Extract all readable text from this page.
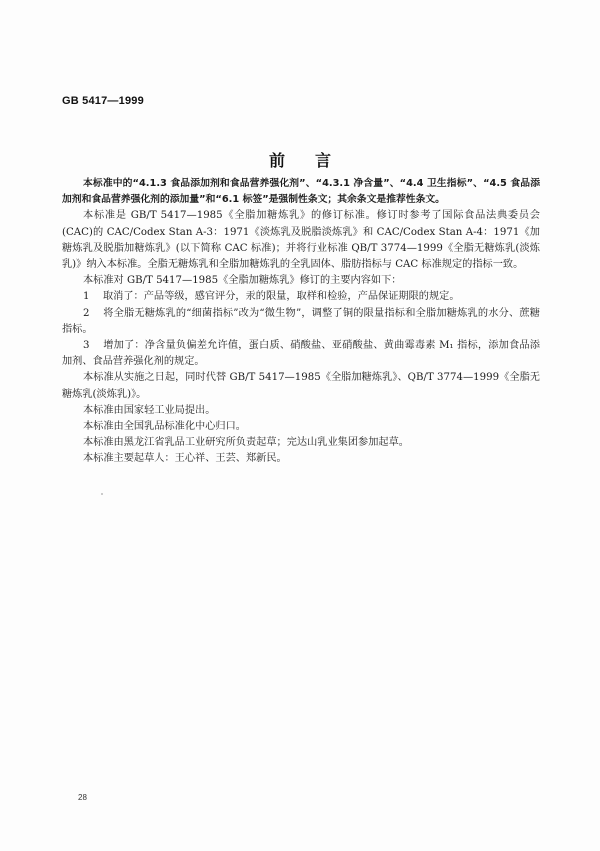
GB 5417—1999
前言

本标准中的“4.1.3 食品添加剂和食品营养强化剂”、“4.3.1 净含量”、“4.4 卫生指标”、“4.5 食品添加剂和食品营养强化剂的添加量”和“6.1 标签”是强制性条文；其余条文是推荐性条文。

本标准是 GB/T 5417—1985《全脂加糖炼乳》的修订标准。修订时参考了国际食品法典委员会(CAC)的 CAC/Codex Stan A-3：1971《淡炼乳及脱脂淡炼乳》和 CAC/Codex Stan A-4：1971《加糖炼乳及脱脂加糖炼乳》(以下简称 CAC 标准)；并将行业标准 QB/T 3774—1999《全脂无糖炼乳(淡炼乳)》纳入本标准。全脂无糖炼乳和全脂加糖炼乳的全乳固体、脂肪指标与 CAC 标准规定的指标一致。

本标准对 GB/T 5417—1985《全脂加糖炼乳》修订的主要内容如下：

1 取消了：产品等级，感官评分，汞的限量，取样和检验，产品保证期限的规定。

2 将全脂无糖炼乳的“细菌指标”改为“微生物”，调整了铜的限量指标和全脂加糖炼乳的水分、蔗糖指标。

3 增加了：净含量负偏差允许值，蛋白质、硝酸盐、亚硝酸盐、黄曲霉毒素 M₁ 指标，添加食品添加剂、食品营养强化剂的规定。

本标准从实施之日起，同时代替 GB/T 5417—1985《全脂加糖炼乳》、QB/T 3774—1999《全脂无糖炼乳(淡炼乳)》。

本标准由国家轻工业局提出。

本标准由全国乳品标准化中心归口。

本标准由黑龙江省乳品工业研究所负责起草；完达山乳业集团参加起草。

本标准主要起草人：王心祥、王芸、郑新民。

28
